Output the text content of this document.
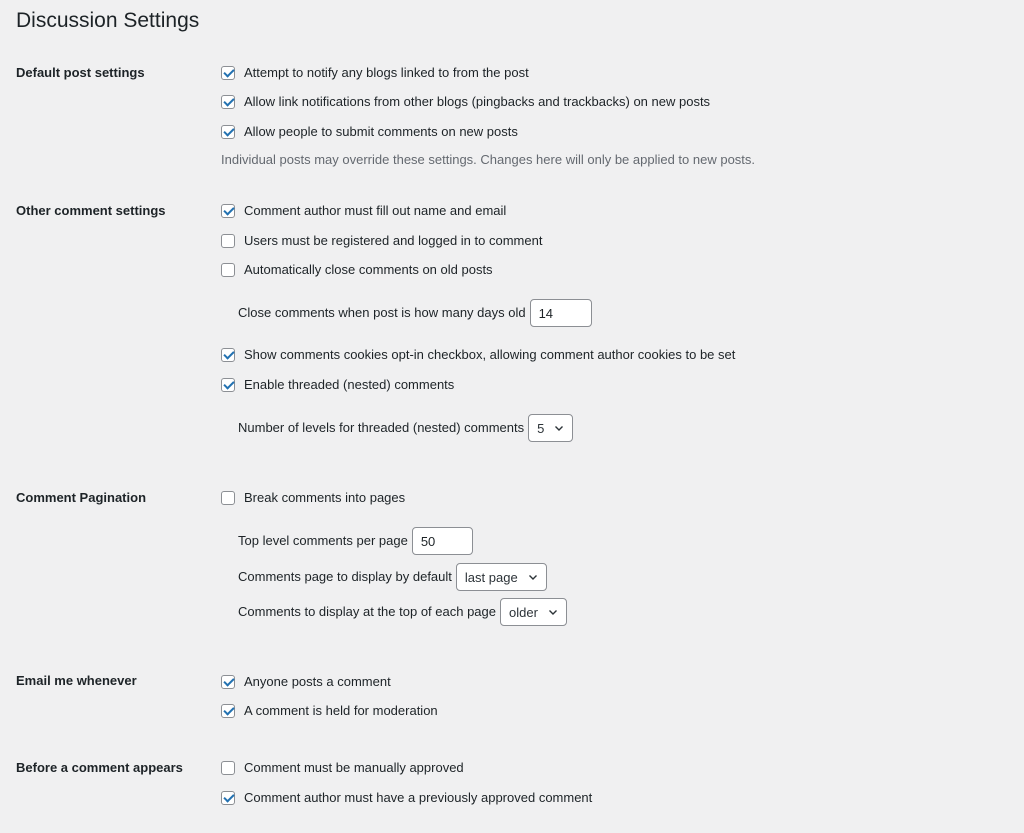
Discussion Settings
Default post settings	Attempt to notify any blogs linked to from the post
Allow link notifications from other blogs (pingbacks and trackbacks) on new posts
Allow people to submit comments on new posts
Individual posts may override these settings. Changes here will only be applied to new posts.
Other comment settings	Comment author must fill out name and email
Users must be registered and logged in to comment
Automatically close comments on old posts
Close comments when post is how many days old	14
Show comments cookies opt-in checkbox, allowing comment author cookies to be set
Enable threaded (nested) comments
Number of levels for threaded (nested) comments 5
Comment Pagination	Break comments into pages
Top level comments per page	50
Comments page to display by default last page
Comments to display at the top of each page older
Email me whenever	Anyone posts a comment
A comment is held for moderation
Before a comment appears	Comment must be manually approved
Comment author must have a previously approved comment
